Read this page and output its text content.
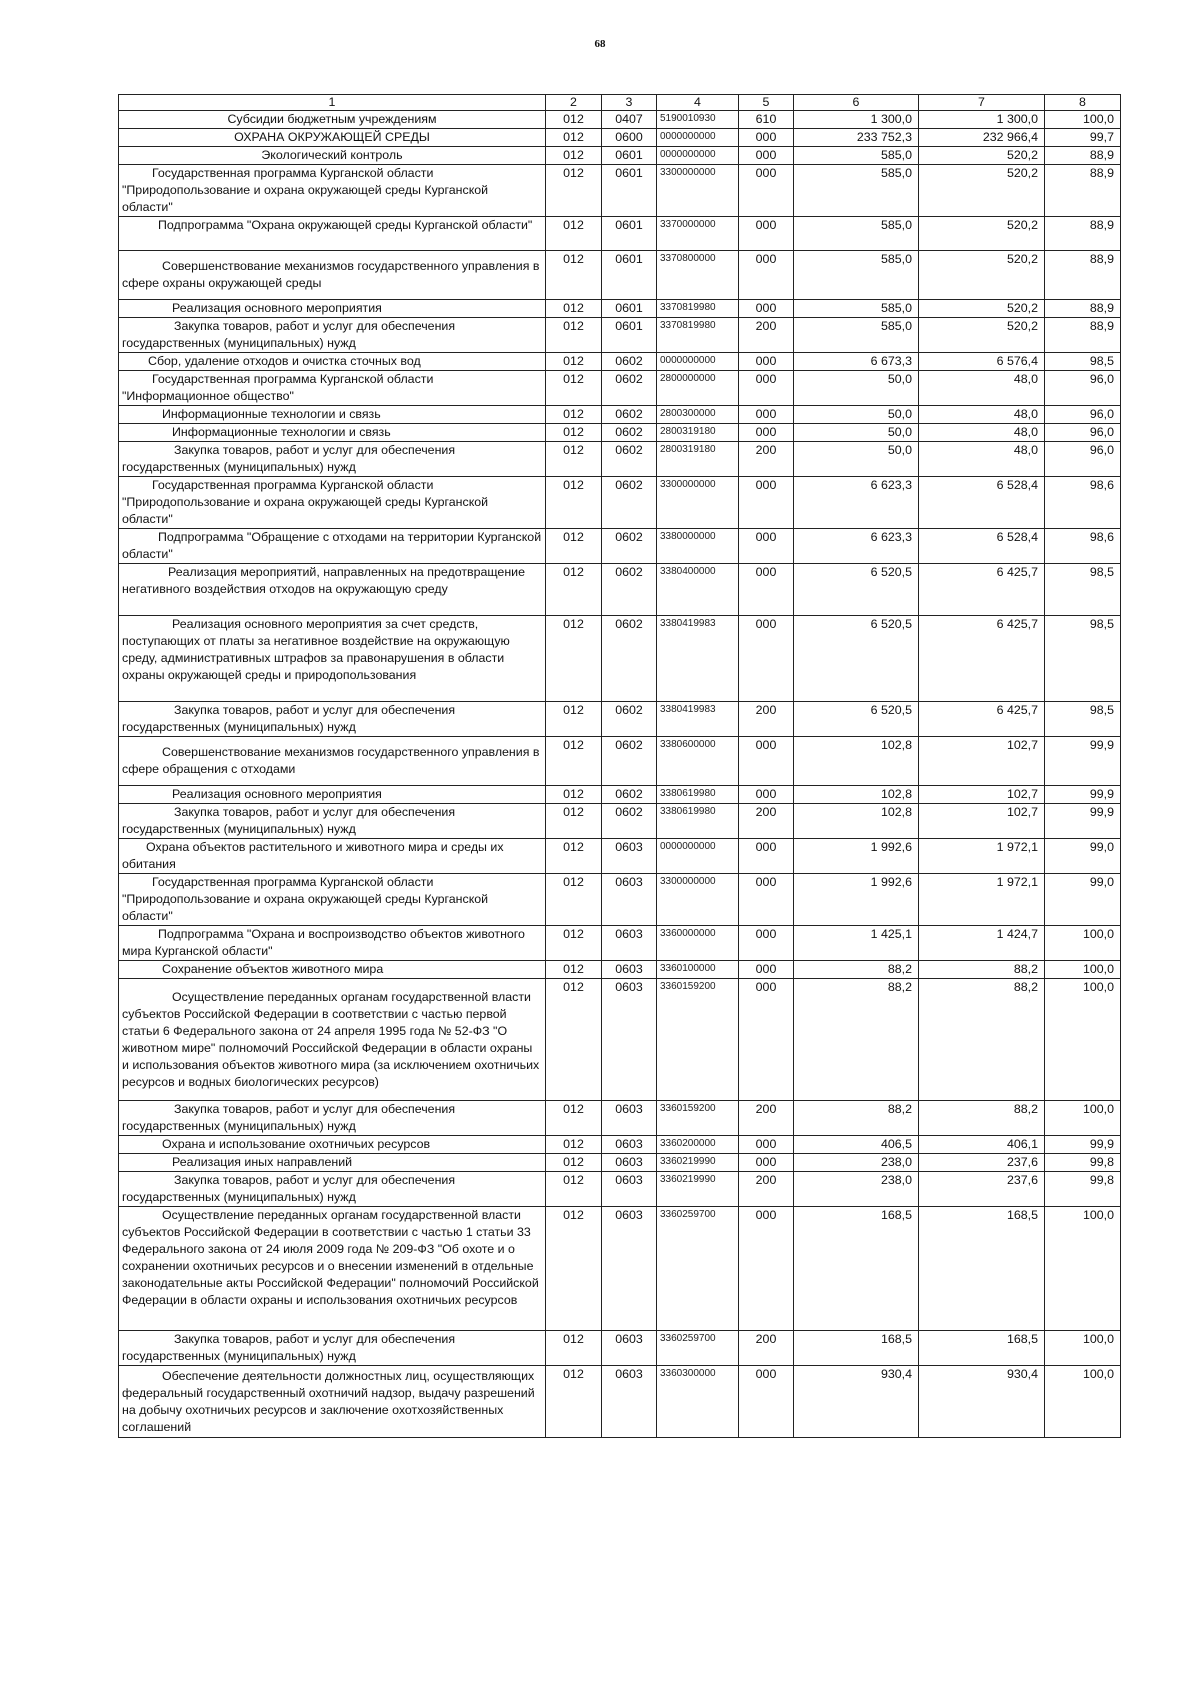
68
1	2	3	4	5	6	7	8
Субсидии бюджетным учреждениям	012	0407	5190010930	610	1 300,0	1 300,0	100,0
ОХРАНА ОКРУЖАЮЩЕЙ СРЕДЫ	012	0600	0000000000	000	233 752,3	232 966,4	99,7
Экологический контроль	012	0601	0000000000	000	585,0	520,2	88,9
Государственная программа Курганской области "Природопользование и охрана окружающей среды Курганской области"	012	0601	3300000000	000	585,0	520,2	88,9
Подпрограмма "Охрана окружающей среды Курганской области"	012	0601	3370000000	000	585,0	520,2	88,9
Совершенствование механизмов государственного управления в сфере охраны окружающей среды	012	0601	3370800000	000	585,0	520,2	88,9
Реализация основного мероприятия	012	0601	3370819980	000	585,0	520,2	88,9
Закупка товаров, работ и услуг для обеспечения государственных (муниципальных) нужд	012	0601	3370819980	200	585,0	520,2	88,9
Сбор, удаление отходов и очистка сточных вод	012	0602	0000000000	000	6 673,3	6 576,4	98,5
Государственная программа Курганской области "Информационное общество"	012	0602	2800000000	000	50,0	48,0	96,0
Информационные технологии и связь	012	0602	2800300000	000	50,0	48,0	96,0
Информационные технологии и связь	012	0602	2800319180	000	50,0	48,0	96,0
Закупка товаров, работ и услуг для обеспечения государственных (муниципальных) нужд	012	0602	2800319180	200	50,0	48,0	96,0
Государственная программа Курганской области "Природопользование и охрана окружающей среды Курганской области"	012	0602	3300000000	000	6 623,3	6 528,4	98,6
Подпрограмма "Обращение с отходами на территории Курганской области"	012	0602	3380000000	000	6 623,3	6 528,4	98,6
Реализация мероприятий, направленных на предотвращение негативного воздействия отходов на окружающую среду	012	0602	3380400000	000	6 520,5	6 425,7	98,5
Реализация основного мероприятия за счет средств, поступающих от платы за негативное воздействие на окружающую среду, административных штрафов за правонарушения в области охраны окружающей среды и природопользования	012	0602	3380419983	000	6 520,5	6 425,7	98,5
Закупка товаров, работ и услуг для обеспечения государственных (муниципальных) нужд	012	0602	3380419983	200	6 520,5	6 425,7	98,5
Совершенствование механизмов государственного управления в сфере обращения с отходами	012	0602	3380600000	000	102,8	102,7	99,9
Реализация основного мероприятия	012	0602	3380619980	000	102,8	102,7	99,9
Закупка товаров, работ и услуг для обеспечения государственных (муниципальных) нужд	012	0602	3380619980	200	102,8	102,7	99,9
Охрана объектов растительного и животного мира и среды их обитания	012	0603	0000000000	000	1 992,6	1 972,1	99,0
Государственная программа Курганской области "Природопользование и охрана окружающей среды Курганской области"	012	0603	3300000000	000	1 992,6	1 972,1	99,0
Подпрограмма "Охрана и воспроизводство объектов животного мира Курганской области"	012	0603	3360000000	000	1 425,1	1 424,7	100,0
Сохранение объектов животного мира	012	0603	3360100000	000	88,2	88,2	100,0
Осуществление переданных органам государственной власти субъектов Российской Федерации в соответствии с частью первой статьи 6 Федерального закона от 24 апреля 1995 года № 52-ФЗ "О животном мире" полномочий Российской Федерации в области охраны и использования объектов животного мира (за исключением охотничьих ресурсов и водных биологических ресурсов)	012	0603	3360159200	000	88,2	88,2	100,0
Закупка товаров, работ и услуг для обеспечения государственных (муниципальных) нужд	012	0603	3360159200	200	88,2	88,2	100,0
Охрана и использование охотничьих ресурсов	012	0603	3360200000	000	406,5	406,1	99,9
Реализация иных направлений	012	0603	3360219990	000	238,0	237,6	99,8
Закупка товаров, работ и услуг для обеспечения государственных (муниципальных) нужд	012	0603	3360219990	200	238,0	237,6	99,8
Осуществление переданных органам государственной власти субъектов Российской Федерации в соответствии с частью 1 статьи 33 Федерального закона от 24 июля 2009 года № 209-ФЗ "Об охоте и о сохранении охотничьих ресурсов и о внесении изменений в отдельные законодательные акты Российской Федерации" полномочий Российской Федерации в области охраны и использования охотничьих ресурсов	012	0603	3360259700	000	168,5	168,5	100,0
Закупка товаров, работ и услуг для обеспечения государственных (муниципальных) нужд	012	0603	3360259700	200	168,5	168,5	100,0
Обеспечение деятельности должностных лиц, осуществляющих федеральный государственный охотничий надзор, выдачу разрешений на добычу охотничьих ресурсов и заключение охотхозяйственных соглашений	012	0603	3360300000	000	930,4	930,4	100,0
